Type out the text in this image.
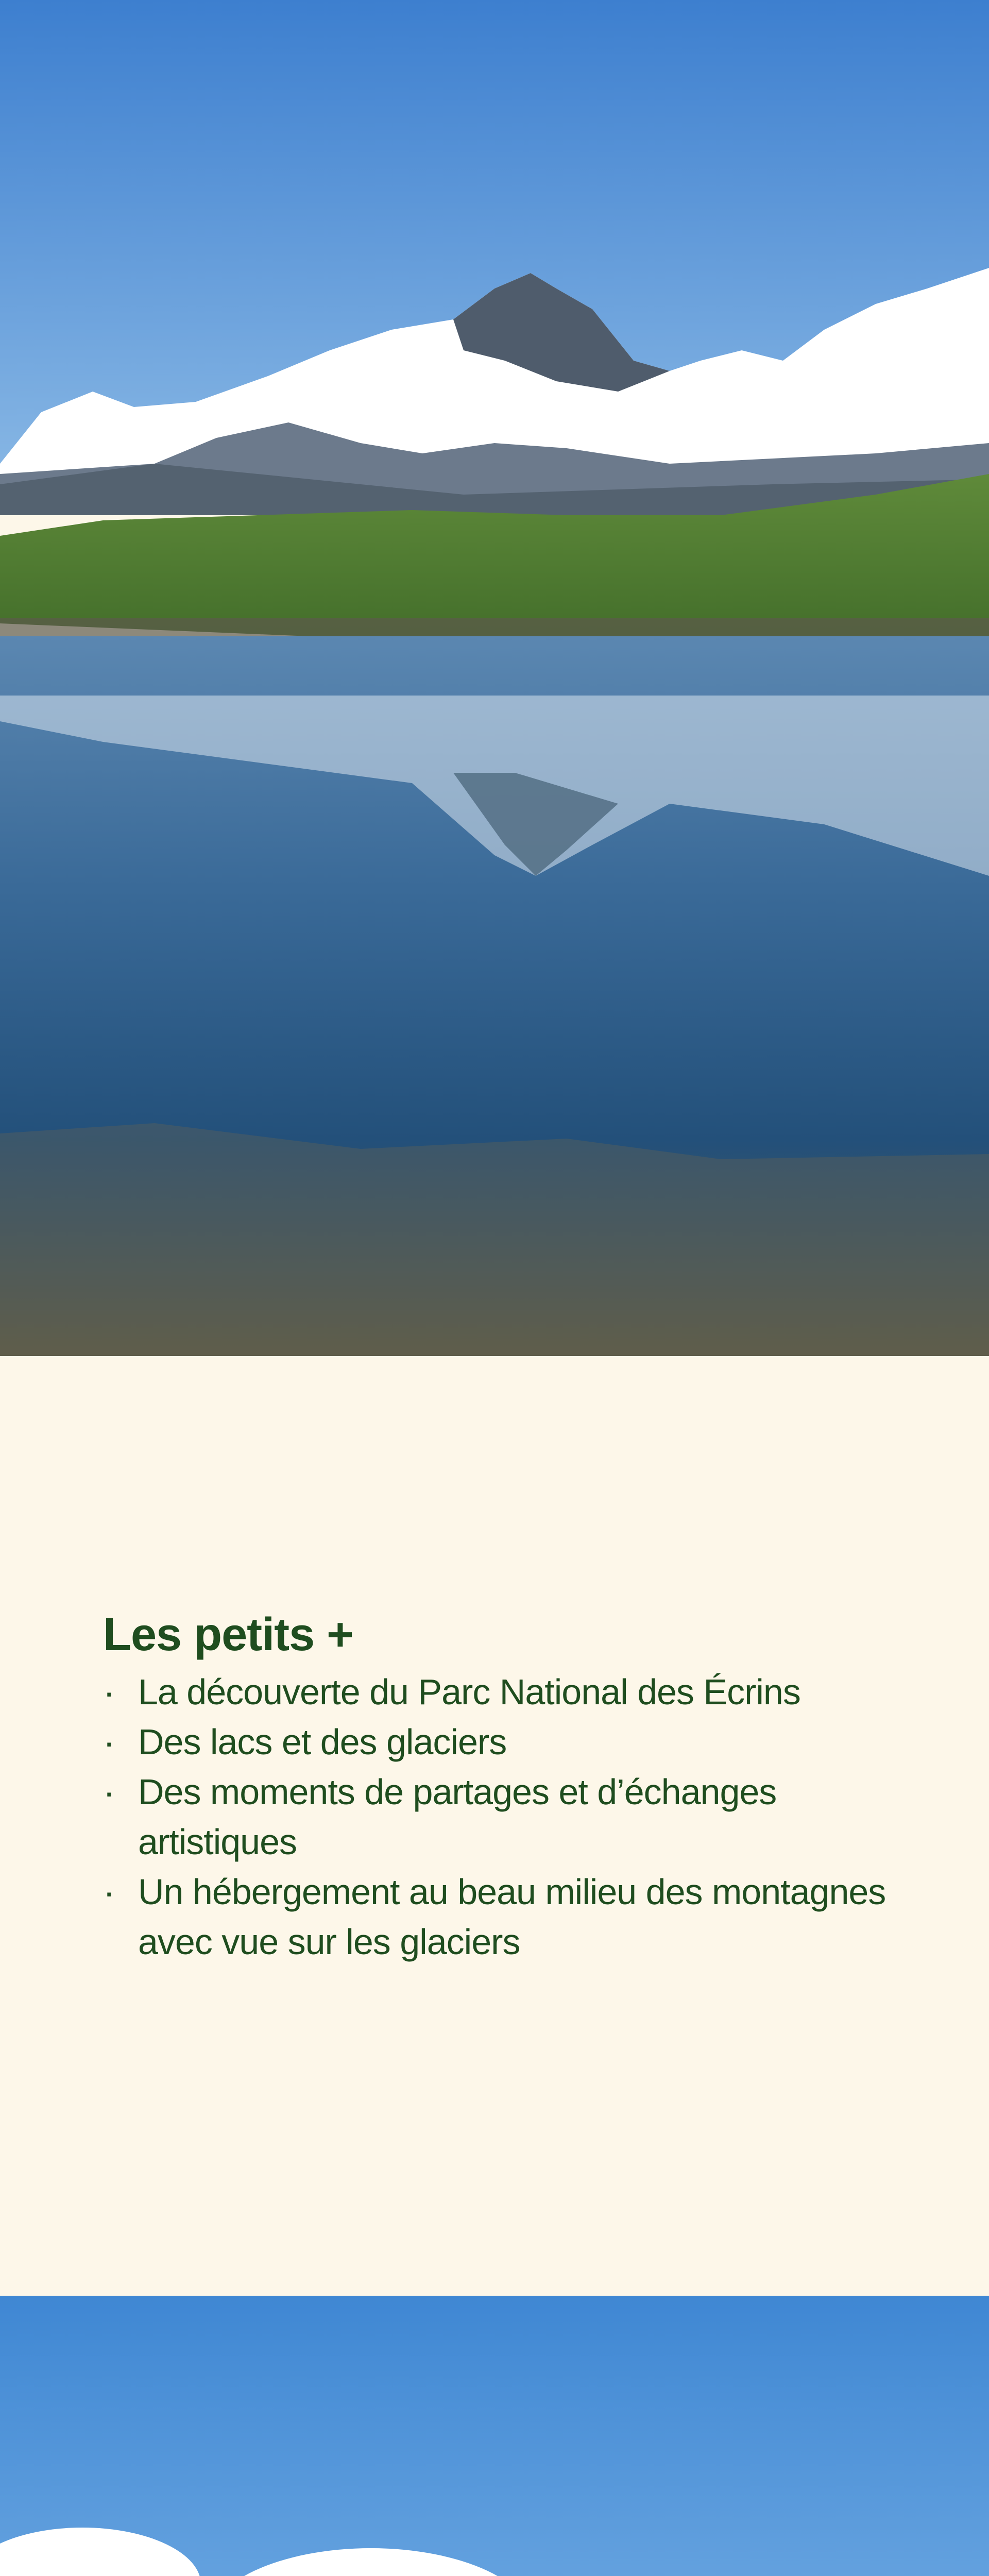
Les petits +
· La découverte du Parc National des Écrins
· Des lacs et des glaciers
· Des moments de partages et d’échanges artistiques
· Un hébergement au beau milieu des montagnes avec vue sur les glaciers
